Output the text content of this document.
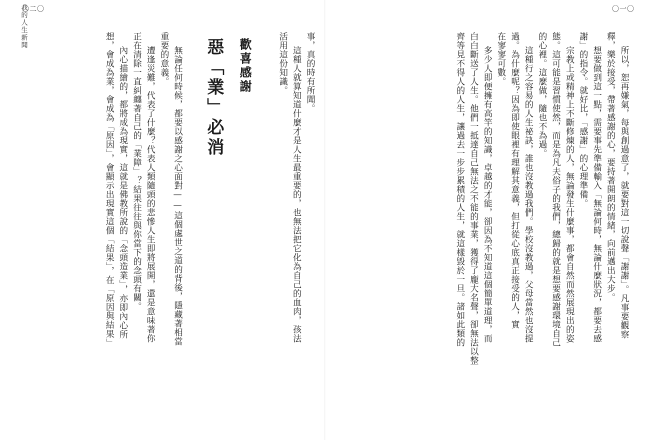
〇二〇
我的人生新聞	〇一〇
所以，恕再嫌氣，每與創過意了，就要對這一切說聲「謝謝」。凡事要觀察
釋，樂於接受，帶著感謝的心，要持著開朗的情緒，向前邁出大步。
想要做到這一點，需要事先準備輸入「無論何時，無論什麼狀況，都要去感
謝」的指令。就好比，「感謝」的心理準備。
宗教上或精神上不斷修煉的人，無論發生什麼事，都會自然而然展現出的姿
態。這可能是習慣使然，而是為凡夫俗子的我們，總歸的就是想要感謝環境自己
的心裡。這麼做，隨也不為過。
這種行之容易的人生祕訣，誰也沒教過我們。學校沒教過，父母當然也沒提
過。為什麼呢？因為即使眼裡有理解其意義，但打從心底真正接受的人，實
在寥寥可數。
多少人即便擁有高竿的知識，卓越的才能，卻因為不知道這個簡單道理，而
白白斷送了人生。他們一抵達自己無法之不能的事業，獲得了龐大名聲，卻無法以整
齊等見不得人的人生，讓過去一步步累積的人生，就這樣毀於一旦。諸如此類的
事，真的時有所聞。
這種人就算知道什麼才是人生最重要的，也無法把它化為自己的血肉，孩法
活用這份知識。
歡喜感謝
惡「業」必消
無論任何時候，都要以感謝之心面對——這個處世之道的背後，隱藏著相當
重要的意義。
遭逢災難，代表了什麼？代表人類隨頭的悲慘人生即將展開，還是意味著你
正在清除一直糾纏著自己的「業障」？結果往往與你當下的念頭有關。
內心描繪的，都將成為現實，這就是佛教所說的「念頭造業」，亦即內心所
想，會成為業，會成為「原因」，會顯示出現實這個「結果」，在「原因與結果」
